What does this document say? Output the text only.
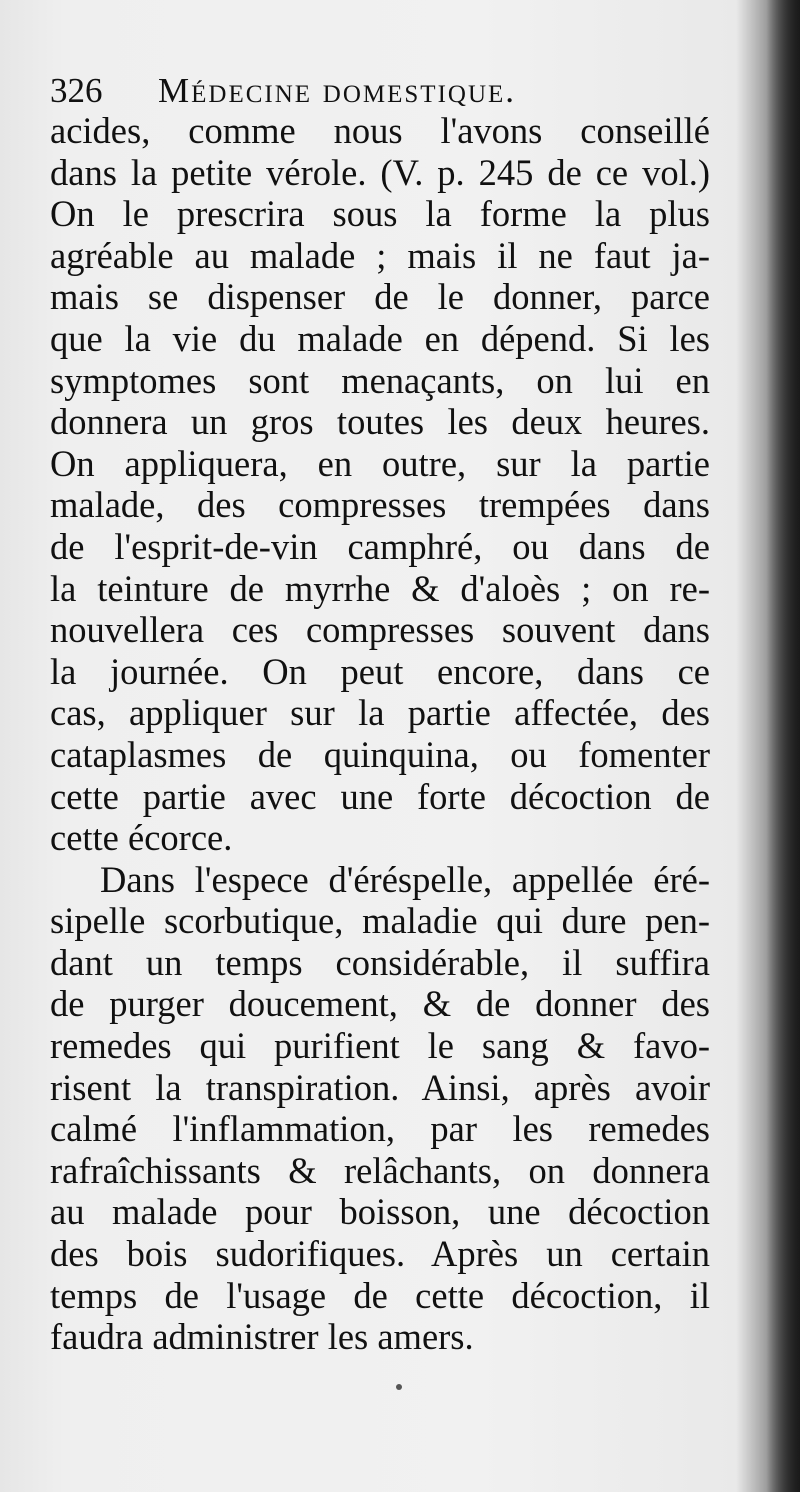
326 Médecine domestique.
acides, comme nous l'avons conseillé
dans la petite vérole. (V. p. 245 de ce vol.)
On le prescrira sous la forme la plus
agréable au malade ; mais il ne faut ja-
mais se dispenser de le donner, parce
que la vie du malade en dépend. Si les
symptomes sont menaçants, on lui en
donnera un gros toutes les deux heures.
On appliquera, en outre, sur la partie
malade, des compresses trempées dans
de l'esprit-de-vin camphré, ou dans de
la teinture de myrrhe & d'aloès ; on re-
nouvellera ces compresses souvent dans
la journée. On peut encore, dans ce
cas, appliquer sur la partie affectée, des
cataplasmes de quinquina, ou fomenter
cette partie avec une forte décoction de
cette écorce.
Dans l'espece d'éréspelle, appellée éré-
sipelle scorbutique, maladie qui dure pen-
dant un temps considérable, il suffira
de purger doucement, & de donner des
remedes qui purifient le sang & favo-
risent la transpiration. Ainsi, après avoir
calmé l'inflammation, par les remedes
rafraîchissants & relâchants, on donnera
au malade pour boisson, une décoction
des bois sudorifiques. Après un certain
temps de l'usage de cette décoction, il
faudra administrer les amers.
